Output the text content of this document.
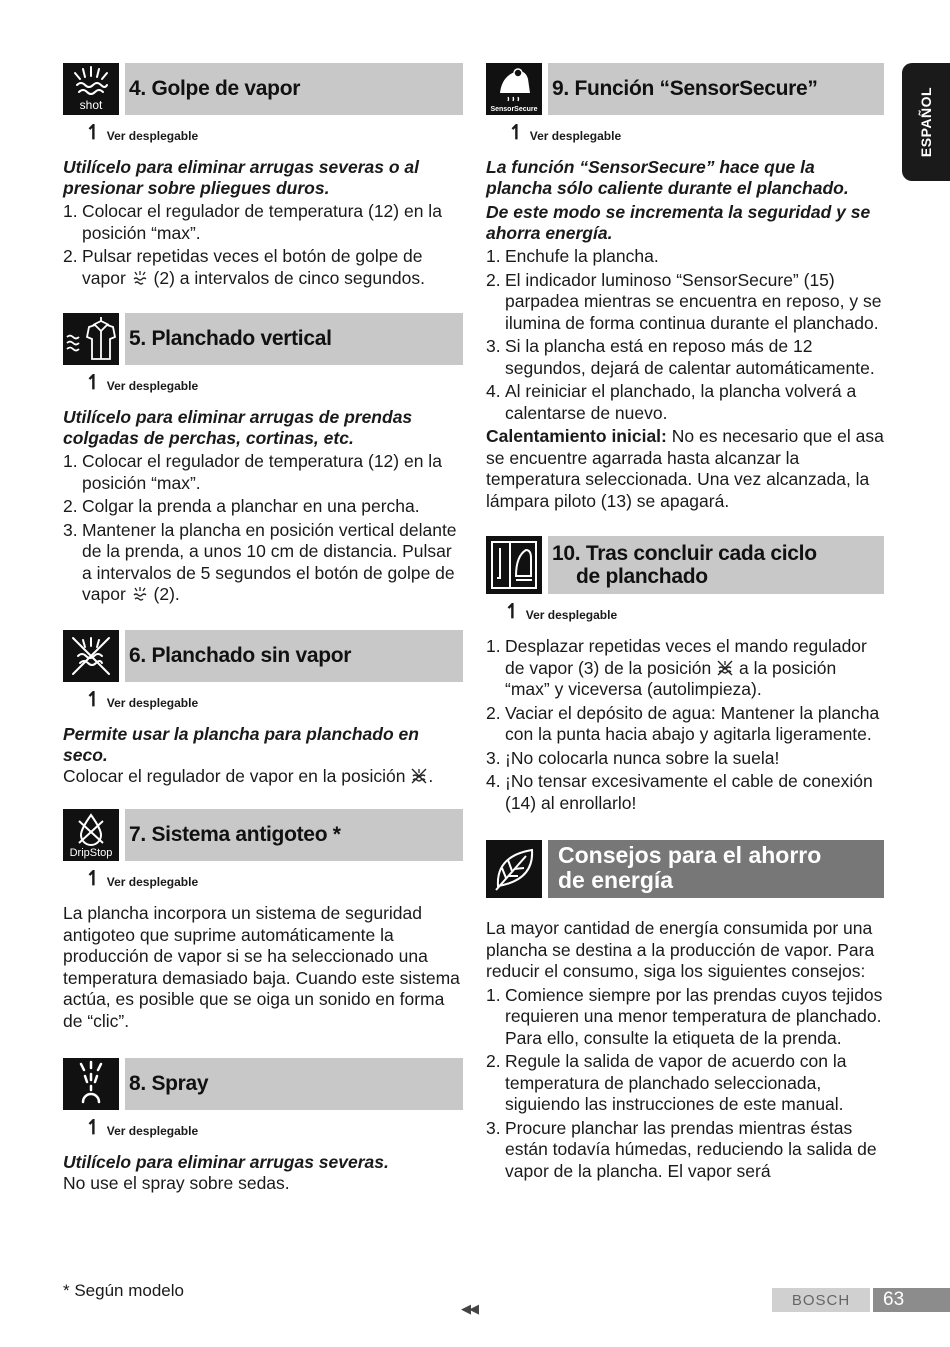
ESPAÑOL
shot
4. Golpe de vapor
↿ Ver desplegable

Utilícelo para eliminar arrugas severas o al presionar sobre pliegues duros.

1. Colocar el regulador de temperatura (12) en la posición “max”.
2. Pulsar repetidas veces el botón de golpe de vapor (2) a intervalos de cinco segundos.
5. Planchado vertical
↿ Ver desplegable

Utilícelo para eliminar arrugas de prendas colgadas de perchas, cortinas, etc.

1. Colocar el regulador de temperatura (12) en la posición “max”.
2. Colgar la prenda a planchar en una percha.
3. Mantener la plancha en posición vertical delante de la prenda, a unos 10 cm de distancia. Pulsar a intervalos de 5 segundos el botón de golpe de vapor (2).
6. Planchado sin vapor
↿ Ver desplegable

Permite usar la plancha para planchado en seco.

Colocar el regulador de vapor en la posición .

DripStop
7. Sistema antigoteo *
↿ Ver desplegable

La plancha incorpora un sistema de seguridad antigoteo que suprime automáticamente la producción de vapor si se ha seleccionado una temperatura demasiado baja. Cuando este sistema actúa, es posible que se oiga un sonido en forma de “clic”.

8. Spray
↿ Ver desplegable

Utilícelo para eliminar arrugas severas.

No use el spray sobre sedas.

SensorSecure
9. Función “SensorSecure”
↿ Ver desplegable

La función “SensorSecure” hace que la plancha sólo caliente durante el planchado.

De este modo se incrementa la seguridad y se ahorra energía.

1. Enchufe la plancha.
2. El indicador luminoso “SensorSecure” (15) parpadea mientras se encuentra en reposo, y se ilumina de forma continua durante el planchado.
3. Si la plancha está en reposo más de 12 segundos, dejará de calentar automáticamente.
4. Al reiniciar el planchado, la plancha volverá a calentarse de nuevo.

Calentamiento inicial: No es necesario que el asa se encuentre agarrada hasta alcanzar la temperatura seleccionada. Una vez alcanzada, la lámpara piloto (13) se apagará.

10. Tras concluir cada ciclo
de planchado
↿ Ver desplegable
1. Desplazar repetidas veces el mando regulador de vapor (3) de la posición a la posición “max” y viceversa (autolimpieza).
2. Vaciar el depósito de agua: Mantener la plancha con la punta hacia abajo y agitarla ligeramente.
3. ¡No colocarla nunca sobre la suela!
4. ¡No tensar excesivamente el cable de conexión (14) al enrollarlo!
Consejos para el ahorro
de energía

La mayor cantidad de energía consumida por una plancha se destina a la producción de vapor. Para reducir el consumo, siga los siguientes consejos:

1. Comience siempre por las prendas cuyos tejidos requieren una menor temperatura de planchado. Para ello, consulte la etiqueta de la prenda.
2. Regule la salida de vapor de acuerdo con la temperatura de planchado seleccionada, siguiendo las instrucciones de este manual.
3. Procure planchar las prendas mientras éstas están todavía húmedas, reduciendo la salida de vapor de la plancha. El vapor será
* Según modelo
◀◀	BOSCH	63
